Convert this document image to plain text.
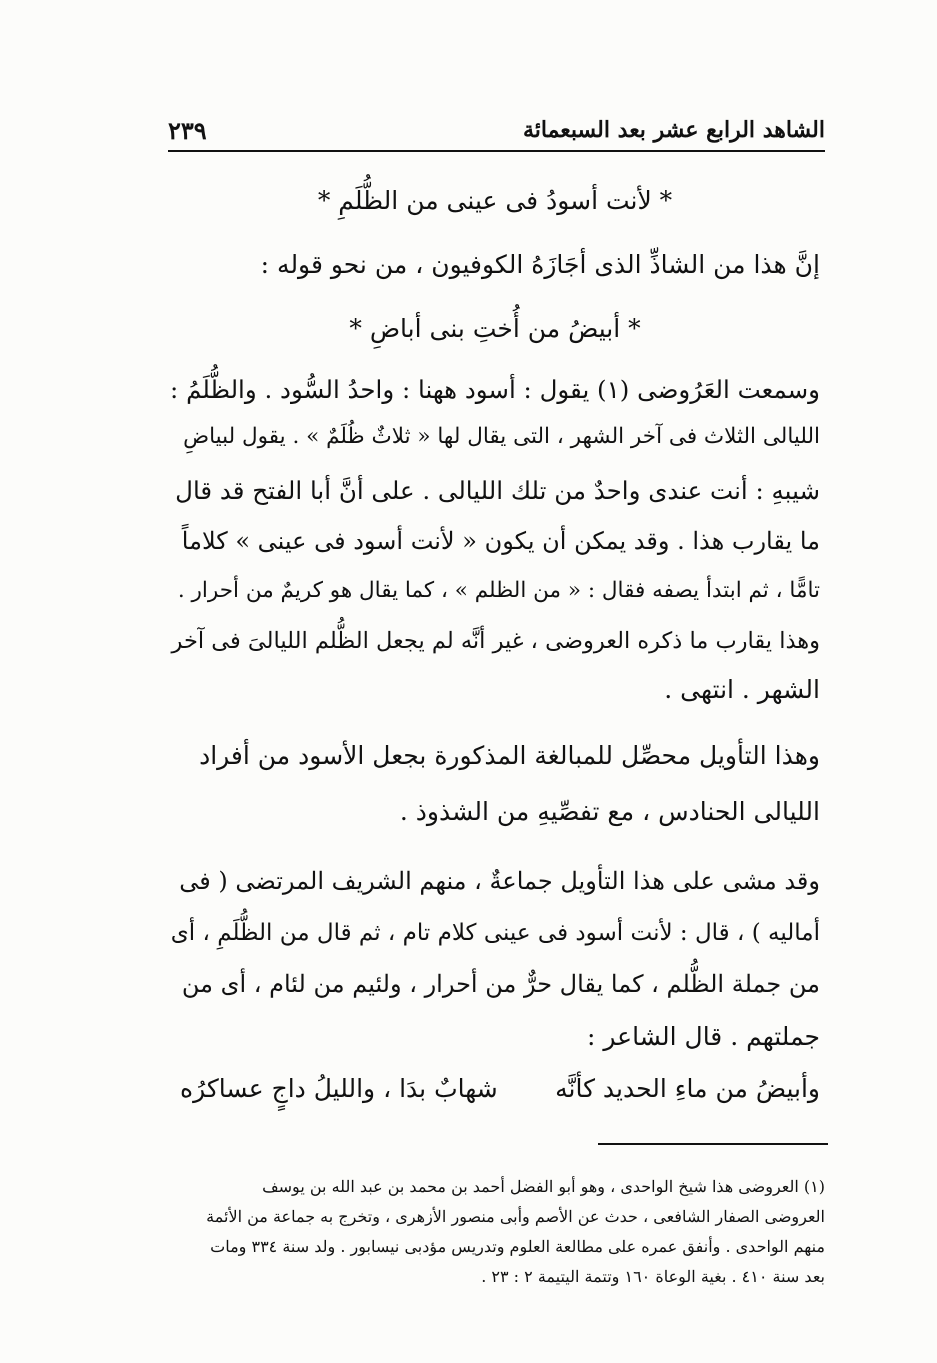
الشاهد الرابع عشر بعد السبعمائة
٢٣٩
* لأنت أسودُ فى عينى من الظُّلَمِ *
إنَّ هذا من الشاذِّ الذى أجَازَهُ الكوفيون ، من نحو قوله :
* أبيضُ من أُختِ بنى أباضِ *
وسمعت العَرُوضى (١) يقول : أسود ههنا : واحدُ السُّود . والظُّلَمُ :
الليالى الثلاث فى آخر الشهر ، التى يقال لها « ثلاثٌ ظُلَمٌ » . يقول لبياضِ
شيبهِ : أنت عندى واحدٌ من تلك الليالى . على أنَّ أبا الفتح قد قال
ما يقارب هذا . وقد يمكن أن يكون « لأنت أسود فى عينى » كلاماً
تامًّا ، ثم ابتدأ يصفه فقال : « من الظلم » ، كما يقال هو كريمٌ من أحرار .
وهذا يقارب ما ذكره العروضى ، غير أنَّه لم يجعل الظُّلم الليالىَ فى آخر
الشهر . انتهى .
وهذا التأويل محصِّل للمبالغة المذكورة بجعل الأسود من أفراد
الليالى الحنادس ، مع تفصِّيهِ من الشذوذ .
وقد مشى على هذا التأويل جماعةٌ ، منهم الشريف المرتضى ( فى
أماليه ) ، قال : لأنت أسود فى عينى كلام تام ، ثم قال من الظُّلَمِ ، أى
من جملة الظُّلم ، كما يقال حرٌّ من أحرار ، ولئيم من لئام ، أى من
جملتهم . قال الشاعر :
وأبيضُ من ماءِ الحديد كأنَّه
شهابٌ بدَا ، والليلُ داجٍ عساكرُه
(١) العروضى هذا شيخ الواحدى ، وهو أبو الفضل أحمد بن محمد بن عبد الله بن يوسف
العروضى الصفار الشافعى ، حدث عن الأصم وأبى منصور الأزهرى ، وتخرج به جماعة من الأئمة
منهم الواحدى . وأنفق عمره على مطالعة العلوم وتدريس مؤدبى نيسابور . ولد سنة ٣٣٤ ومات
بعد سنة ٤١٠ . بغية الوعاة ١٦٠ وتتمة اليتيمة ٢ : ٢٣ .
